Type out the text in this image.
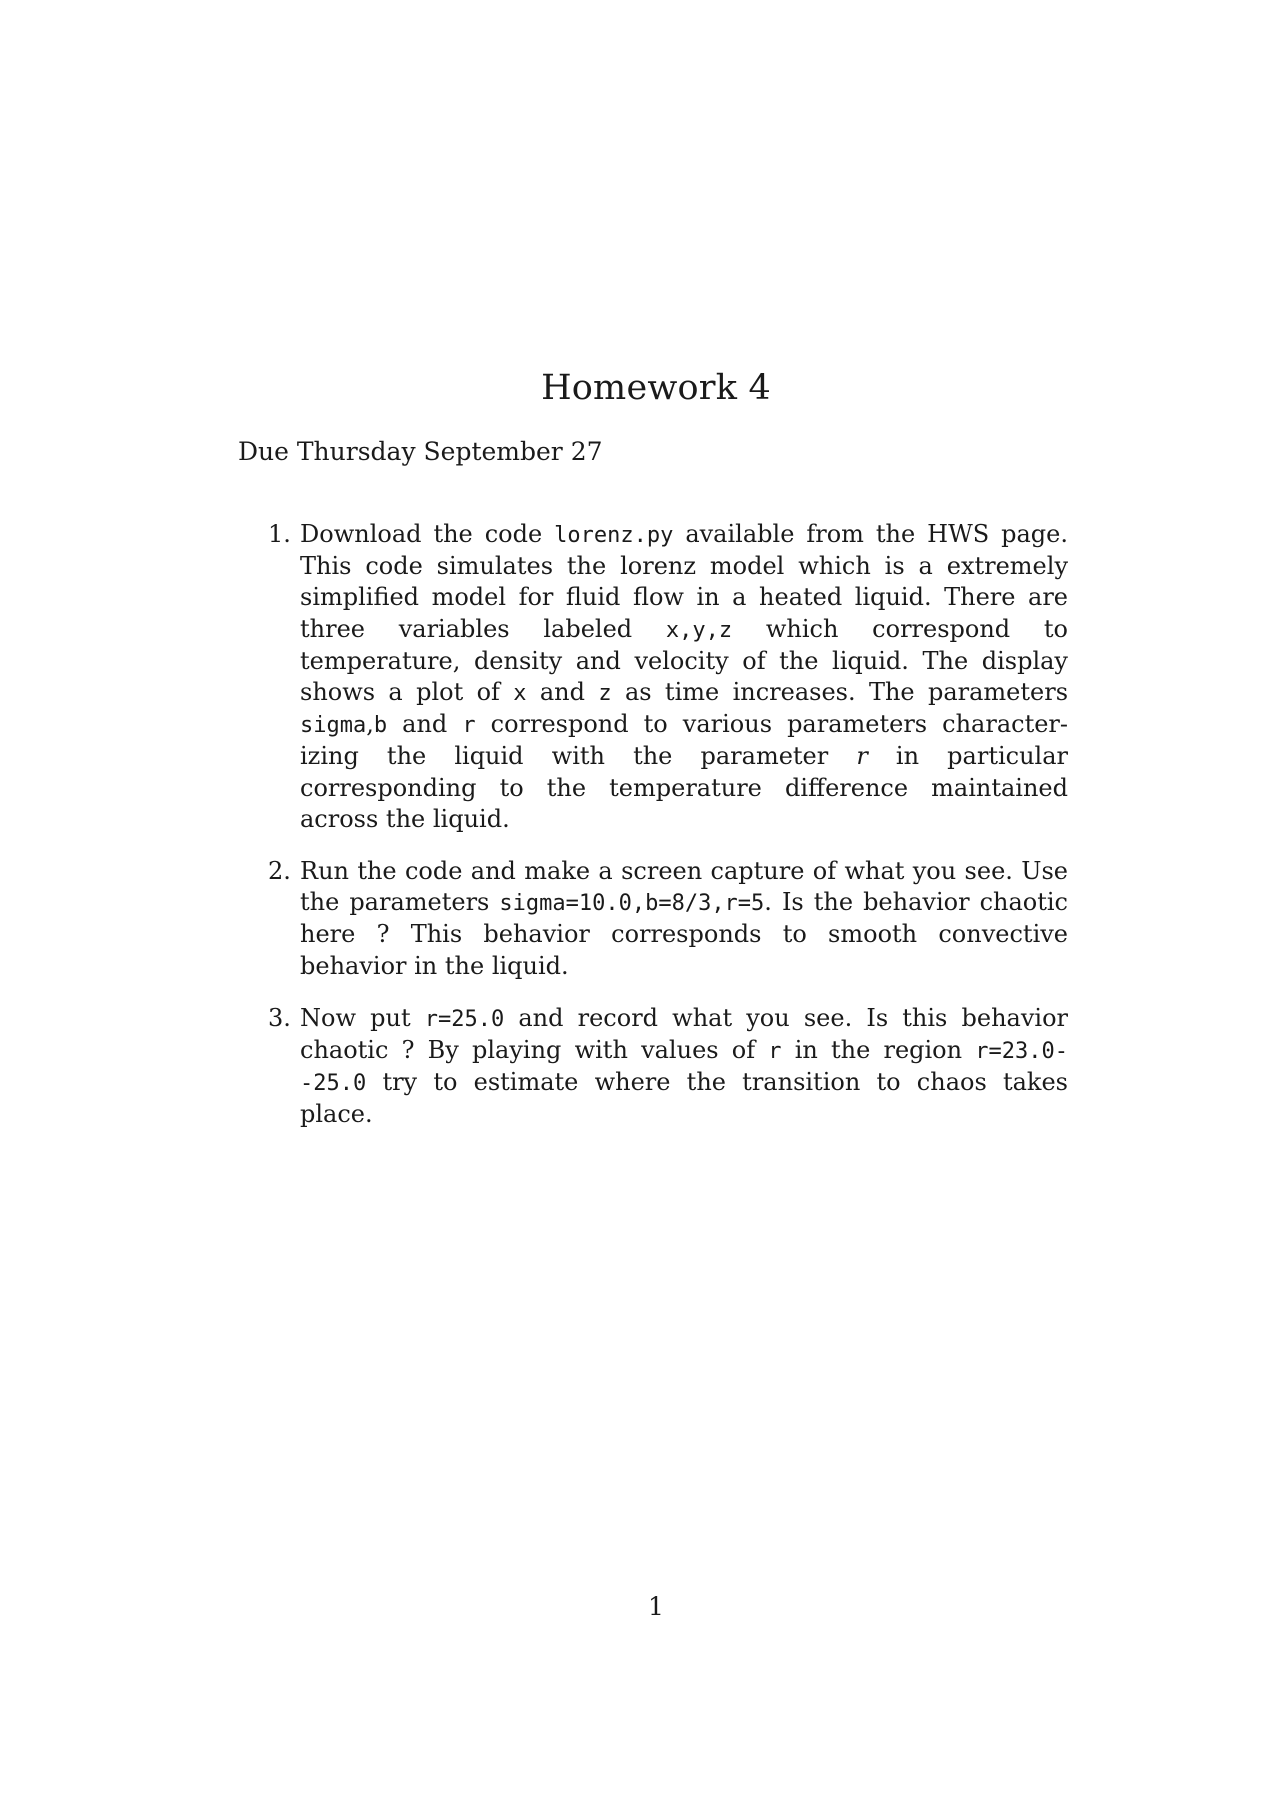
Homework 4

Due Thursday September 27

1. Download the code lorenz.py available from the HWS page. This code simulates the lorenz model which is a extremely simplified model for fluid flow in a heated liquid. There are three variables labeled x,y,z which correspond to temperature, density and velocity of the liquid. The display shows a plot of x and z as time increases. The parameters sigma,b and r correspond to various parameters character-izing the liquid with the parameter r in particular corresponding to the temperature difference maintained across the liquid.
2. Run the code and make a screen capture of what you see. Use the parameters sigma=10.0,b=8/3,r=5. Is the behavior chaotic here ? This behavior corresponds to smooth convective behavior in the liquid.
3. Now put r=25.0 and record what you see. Is this behavior chaotic ? By playing with values of r in the region r=23.0--25.0 try to estimate where the transition to chaos takes place.
1
